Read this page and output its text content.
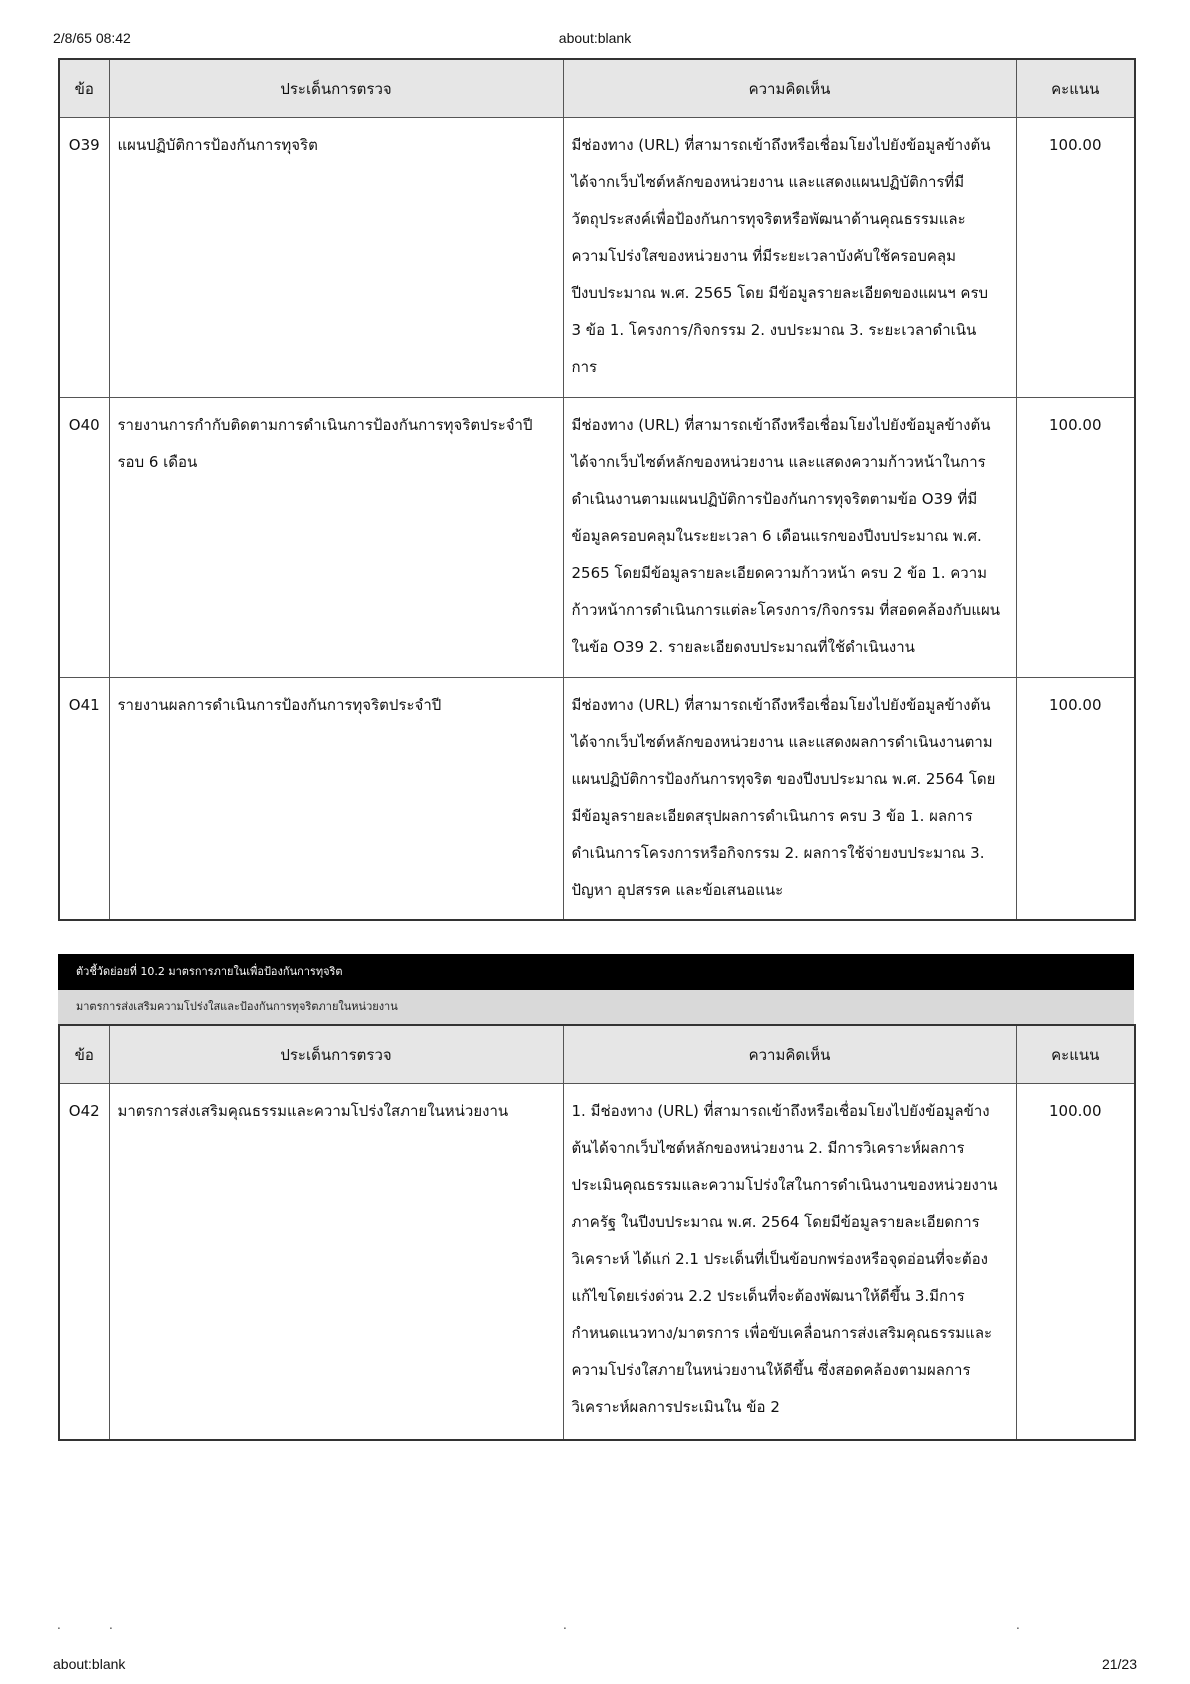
2/8/65 08:42	about:blank
ข้อ	ประเด็นการตรวจ	ความคิดเห็น	คะแนน
O39	แผนปฏิบัติการป้องกันการทุจริต	มีช่องทาง (URL) ที่สามารถเข้าถึงหรือเชื่อมโยงไปยังข้อมูลข้างต้นได้จากเว็บไซต์หลักของหน่วยงาน และแสดงแผนปฏิบัติการที่มีวัตถุประสงค์เพื่อป้องกันการทุจริตหรือพัฒนาด้านคุณธรรมและความโปร่งใสของหน่วยงาน ที่มีระยะเวลาบังคับใช้ครอบคลุมปีงบประมาณ พ.ศ. 2565 โดย มีข้อมูลรายละเอียดของแผนฯ ครบ 3 ข้อ 1. โครงการ/กิจกรรม 2. งบประมาณ 3. ระยะเวลาดำเนินการ	100.00
O40	รายงานการกำกับติดตามการดำเนินการป้องกันการทุจริตประจำปี รอบ 6 เดือน	มีช่องทาง (URL) ที่สามารถเข้าถึงหรือเชื่อมโยงไปยังข้อมูลข้างต้นได้จากเว็บไซต์หลักของหน่วยงาน และแสดงความก้าวหน้าในการดำเนินงานตามแผนปฏิบัติการป้องกันการทุจริตตามข้อ O39 ที่มีข้อมูลครอบคลุมในระยะเวลา 6 เดือนแรกของปีงบประมาณ พ.ศ. 2565 โดยมีข้อมูลรายละเอียดความก้าวหน้า ครบ 2 ข้อ 1. ความก้าวหน้าการดำเนินการแต่ละโครงการ/กิจกรรม ที่สอดคล้องกับแผนในข้อ O39 2. รายละเอียดงบประมาณที่ใช้ดำเนินงาน	100.00
O41	รายงานผลการดำเนินการป้องกันการทุจริตประจำปี	มีช่องทาง (URL) ที่สามารถเข้าถึงหรือเชื่อมโยงไปยังข้อมูลข้างต้นได้จากเว็บไซต์หลักของหน่วยงาน และแสดงผลการดำเนินงานตามแผนปฏิบัติการป้องกันการทุจริต ของปีงบประมาณ พ.ศ. 2564 โดย มีข้อมูลรายละเอียดสรุปผลการดำเนินการ ครบ 3 ข้อ 1. ผลการดำเนินการโครงการหรือกิจกรรม 2. ผลการใช้จ่ายงบประมาณ 3. ปัญหา อุปสรรค และข้อเสนอแนะ	100.00
ตัวชี้วัดย่อยที่ 10.2 มาตรการภายในเพื่อป้องกันการทุจริต
มาตรการส่งเสริมความโปร่งใสและป้องกันการทุจริตภายในหน่วยงาน
ข้อ	ประเด็นการตรวจ	ความคิดเห็น	คะแนน
O42	มาตรการส่งเสริมคุณธรรมและความโปร่งใสภายในหน่วยงาน	1. มีช่องทาง (URL) ที่สามารถเข้าถึงหรือเชื่อมโยงไปยังข้อมูลข้างต้นได้จากเว็บไซต์หลักของหน่วยงาน 2. มีการวิเคราะห์ผลการประเมินคุณธรรมและความโปร่งใสในการดำเนินงานของหน่วยงานภาครัฐ ในปีงบประมาณ พ.ศ. 2564 โดยมีข้อมูลรายละเอียดการวิเคราะห์ ได้แก่ 2.1 ประเด็นที่เป็นข้อบกพร่องหรือจุดอ่อนที่จะต้องแก้ไขโดยเร่งด่วน 2.2 ประเด็นที่จะต้องพัฒนาให้ดีขึ้น 3.มีการกำหนดแนวทาง/มาตรการ เพื่อขับเคลื่อนการส่งเสริมคุณธรรมและความโปร่งใสภายในหน่วยงานให้ดีขึ้น ซึ่งสอดคล้องตามผลการวิเคราะห์ผลการประเมินใน ข้อ 2	100.00
.	.	.	.
about:blank	21/23
